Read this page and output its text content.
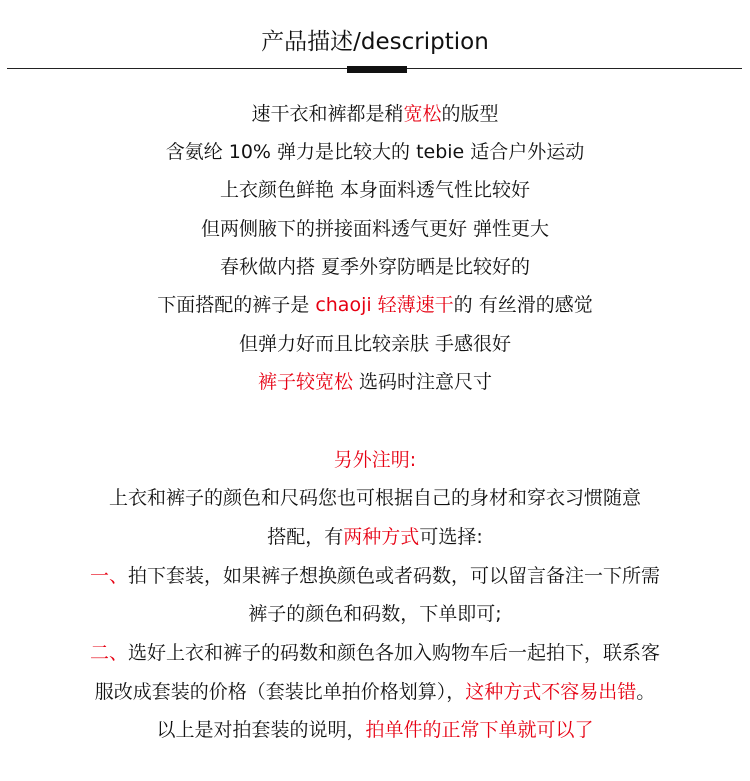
产品描述/description
速干衣和裤都是稍宽松的版型
含氨纶 10% 弹力是比较大的 tebie 适合户外运动
上衣颜色鲜艳 本身面料透气性比较好
但两侧腋下的拼接面料透气更好 弹性更大
春秋做内搭 夏季外穿防晒是比较好的
下面搭配的裤子是 chaoji 轻薄速干的 有丝滑的感觉
但弹力好而且比较亲肤 手感很好
裤子较宽松 选码时注意尺寸
另外注明:
上衣和裤子的颜色和尺码您也可根据自己的身材和穿衣习惯随意
搭配，有两种方式可选择:
一、拍下套装，如果裤子想换颜色或者码数，可以留言备注一下所需
裤子的颜色和码数，下单即可;
二、选好上衣和裤子的码数和颜色各加入购物车后一起拍下，联系客
服改成套装的价格（套装比单拍价格划算），这种方式不容易出错。
以上是对拍套装的说明，拍单件的正常下单就可以了
